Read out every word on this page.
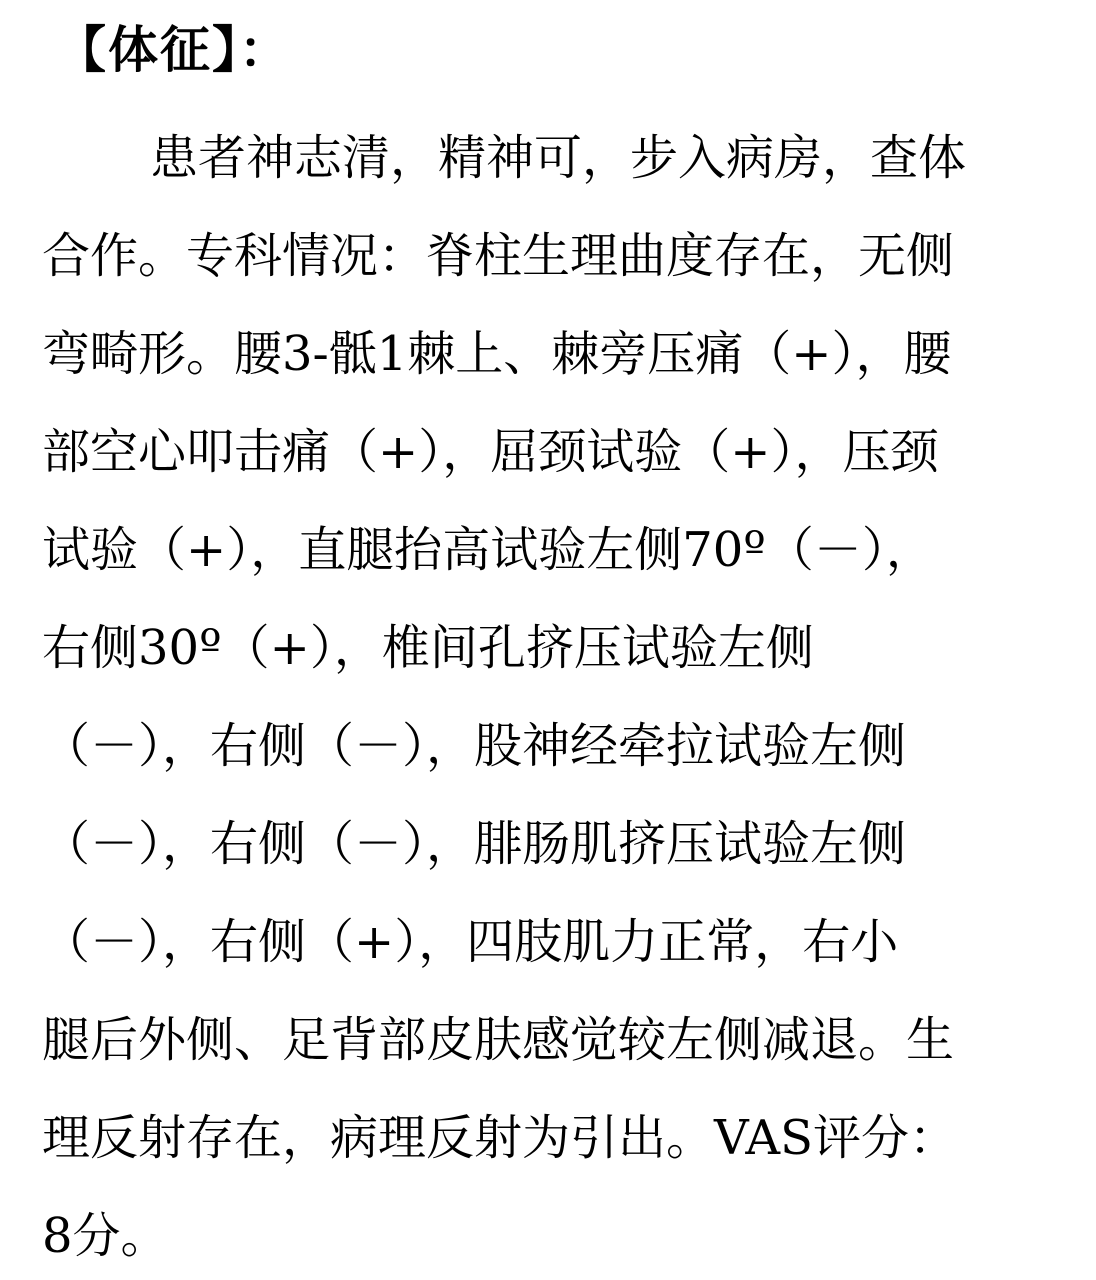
【体征】：
患者神志清，精神可，步入病房，查体
合作。专科情况：脊柱生理曲度存在，无侧
弯畸形。腰3-骶1棘上、棘旁压痛（+），腰
部空心叩击痛（+），屈颈试验（+），压颈
试验（+），直腿抬高试验左侧70º（－），
右侧30º（+），椎间孔挤压试验左侧
（－），右侧（－），股神经牵拉试验左侧
（－），右侧（－），腓肠肌挤压试验左侧
（－），右侧（+），四肢肌力正常，右小
腿后外侧、足背部皮肤感觉较左侧减退。生
理反射存在，病理反射为引出。VAS评分：
8分。
